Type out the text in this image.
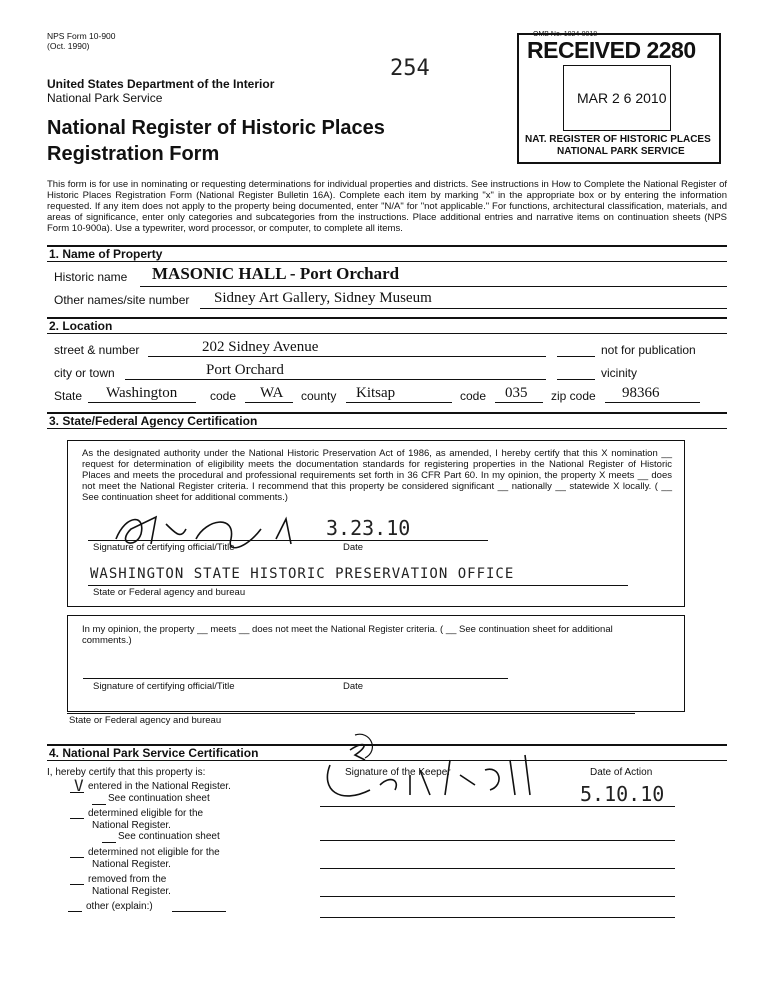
NPS Form 10-900
(Oct. 1990)
254
OMB No. 1024-0018
RECEIVED 2280
MAR 2 6 2010
NAT. REGISTER OF HISTORIC PLACES
NATIONAL PARK SERVICE
United States Department of the Interior
National Park Service
National Register of Historic Places
Registration Form
This form is for use in nominating or requesting determinations for individual properties and districts. See instructions in How to Complete the National Register of Historic Places Registration Form (National Register Bulletin 16A). Complete each item by marking "x" in the appropriate box or by entering the information requested. If any item does not apply to the property being documented, enter "N/A" for "not applicable." For functions, architectural classification, materials, and areas of significance, enter only categories and subcategories from the instructions. Place additional entries and narrative items on continuation sheets (NPS Form 10-900a). Use a typewriter, word processor, or computer, to complete all items.
1. Name of Property
Historic name MASONIC HALL - Port Orchard
Other names/site number Sidney Art Gallery, Sidney Museum
2. Location
street & number	202 Sidney Avenue	not for publication
city or town	Port Orchard	vicinity
State Washington	code WA county Kitsap	code 035 zip code 98366
3. State/Federal Agency Certification
As the designated authority under the National Historic Preservation Act of 1986, as amended, I hereby certify that this X nomination __ request for determination of eligibility meets the documentation standards for registering properties in the National Register of Historic Places and meets the procedural and professional requirements set forth in 36 CFR Part 60. In my opinion, the property X meets __ does not meet the National Register criteria. I recommend that this property be considered significant __ nationally __ statewide X locally. ( __ See continuation sheet for additional comments.)
3.23.10
Signature of certifying official/Title	Date
WASHINGTON STATE HISTORIC PRESERVATION OFFICE
State or Federal agency and bureau
In my opinion, the property __ meets __ does not meet the National Register criteria. ( __ See continuation sheet for additional comments.)
Signature of certifying official/Title	Date
State or Federal agency and bureau
4. National Park Service Certification
I, hereby certify that this property is:	Signature of the Keeper	Date of Action
5.10.10
V entered in the National Register.
See continuation sheet
determined eligible for the
National Register.
See continuation sheet
determined not eligible for the
National Register.
removed from the
National Register.
other (explain:)
